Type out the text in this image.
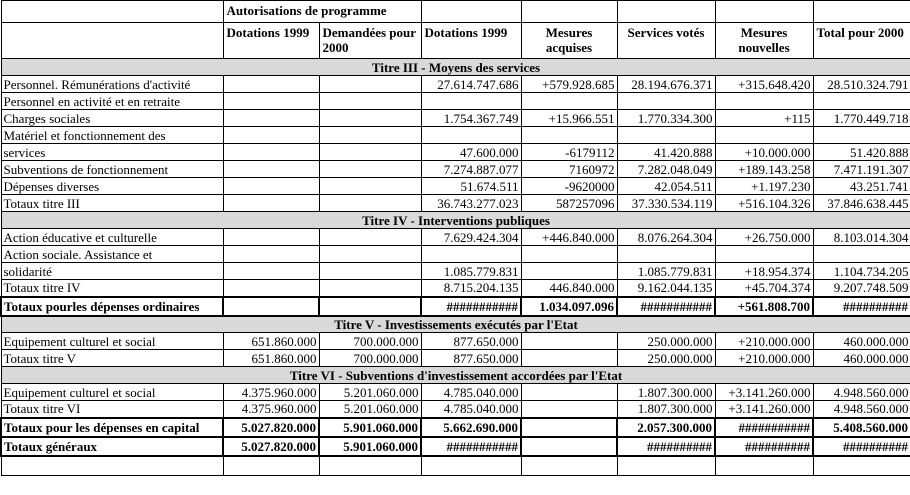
	Autorisations de programme						
	Dotations 1999	Demandées pour 2000	Dotations 1999	Mesures acquises	Services votés	Mesures nouvelles	Total pour 2000
Titre III - Moyens des services							
Personnel. Rémunérations d'activité			27.614.747.686	+579.928.685	28.194.676.371	+315.648.420	28.510.324.791
Personnel en activité et en retraite							
Charges sociales			1.754.367.749	+15.966.551	1.770.334.300	+115	1.770.449.718
Matériel et fonctionnement des							
services			47.600.000	-6179112	41.420.888	+10.000.000	51.420.888
Subventions de fonctionnement			7.274.887.077	7160972	7.282.048.049	+189.143.258	7.471.191.307
Dépenses diverses			51.674.511	-9620000	42.054.511	+1.197.230	43.251.741
Totaux titre III			36.743.277.023	587257096	37.330.534.119	+516.104.326	37.846.638.445
Titre IV - Interventions publiques							
Action éducative et culturelle			7.629.424.304	+446.840.000	8.076.264.304	+26.750.000	8.103.014.304
Action sociale. Assistance et							
solidarité			1.085.779.831		1.085.779.831	+18.954.374	1.104.734.205
Totaux titre IV			8.715.204.135	446.840.000	9.162.044.135	+45.704.374	9.207.748.509
Totaux pourles dépenses ordinaires			###########	1.034.097.096	###########	+561.808.700	##########
Titre V - Investissements exécutés par l'Etat							
Equipement culturel et social	651.860.000	700.000.000	877.650.000		250.000.000	+210.000.000	460.000.000
Totaux titre V	651.860.000	700.000.000	877.650.000		250.000.000	+210.000.000	460.000.000
Titre VI - Subventions d'investissement accordées par l'Etat							
Equipement culturel et social	4.375.960.000	5.201.060.000	4.785.040.000		1.807.300.000	+3.141.260.000	4.948.560.000
Totaux titre VI	4.375.960.000	5.201.060.000	4.785.040.000		1.807.300.000	+3.141.260.000	4.948.560.000
Totaux pour les dépenses en capital	5.027.820.000	5.901.060.000	5.662.690.000		2.057.300.000	###########	5.408.560.000
Totaux généraux	5.027.820.000	5.901.060.000	###########		##########	##########	##########
